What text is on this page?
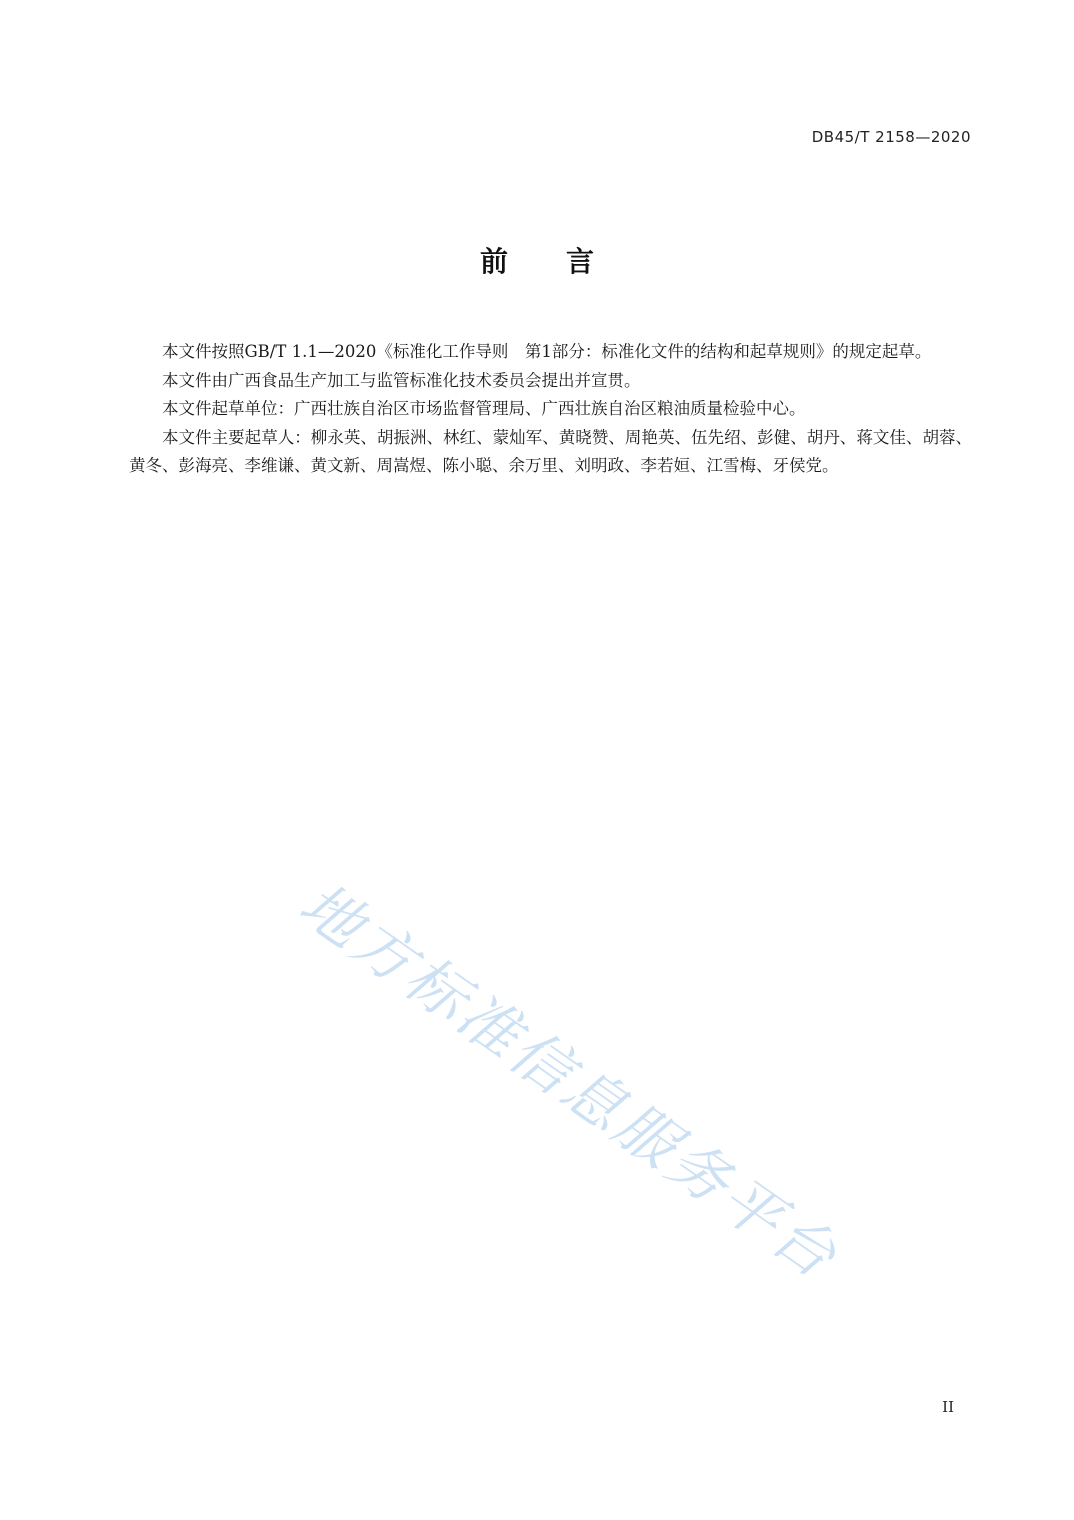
DB45/T 2158—2020
前言

本文件按照GB/T 1.1—2020《标准化工作导则　第1部分：标准化文件的结构和起草规则》的规定起草。

本文件由广西食品生产加工与监管标准化技术委员会提出并宣贯。

本文件起草单位：广西壮族自治区市场监督管理局、广西壮族自治区粮油质量检验中心。

本文件主要起草人：柳永英、胡振洲、林红、蒙灿军、黄晓赞、周艳英、伍先绍、彭健、胡丹、蒋文佳、胡蓉、黄冬、彭海亮、李维谦、黄文新、周嵩煜、陈小聪、余万里、刘明政、李若姮、江雪梅、牙侯党。

地方标准信息服务平台
II
